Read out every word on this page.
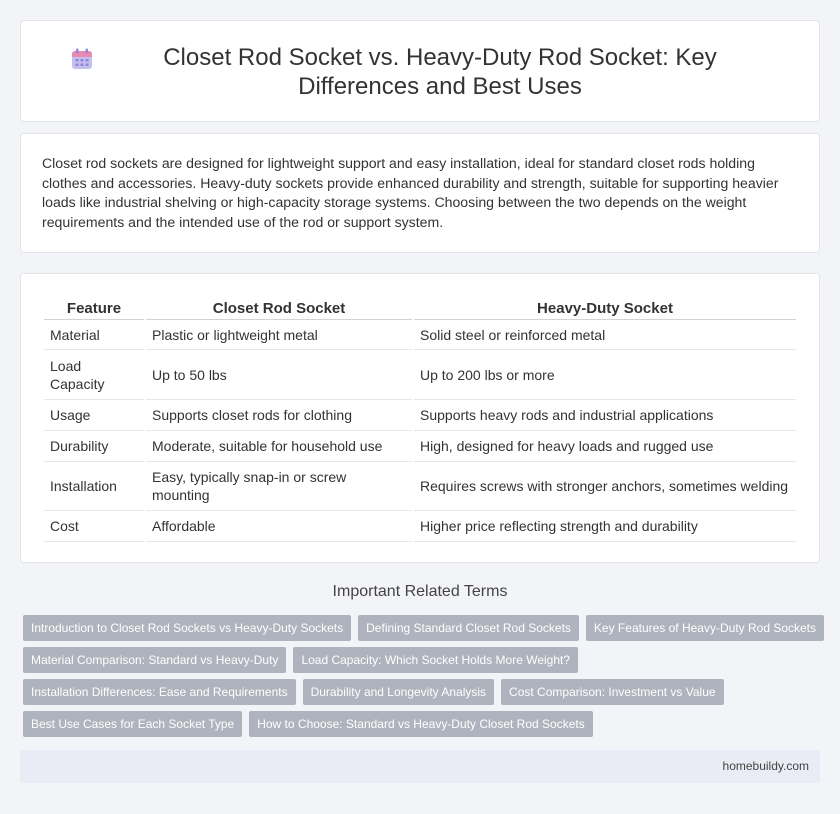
Closet Rod Socket vs. Heavy-Duty Rod Socket: Key Differences and Best Uses

Closet rod sockets are designed for lightweight support and easy installation, ideal for standard closet rods holding clothes and accessories. Heavy-duty sockets provide enhanced durability and strength, suitable for supporting heavier loads like industrial shelving or high-capacity storage systems. Choosing between the two depends on the weight requirements and the intended use of the rod or support system.

Feature	Closet Rod Socket	Heavy-Duty Socket
Material	Plastic or lightweight metal	Solid steel or reinforced metal
Load Capacity	Up to 50 lbs	Up to 200 lbs or more
Usage	Supports closet rods for clothing	Supports heavy rods and industrial applications
Durability	Moderate, suitable for household use	High, designed for heavy loads and rugged use
Installation	Easy, typically snap-in or screw mounting	Requires screws with stronger anchors, sometimes welding
Cost	Affordable	Higher price reflecting strength and durability
Important Related Terms
Introduction to Closet Rod Sockets vs Heavy-Duty Sockets	Defining Standard Closet Rod Sockets	Key Features of Heavy-Duty Rod Sockets
Material Comparison: Standard vs Heavy-Duty	Load Capacity: Which Socket Holds More Weight?
Installation Differences: Ease and Requirements	Durability and Longevity Analysis	Cost Comparison: Investment vs Value
Best Use Cases for Each Socket Type	How to Choose: Standard vs Heavy-Duty Closet Rod Sockets
homebuildy.com
